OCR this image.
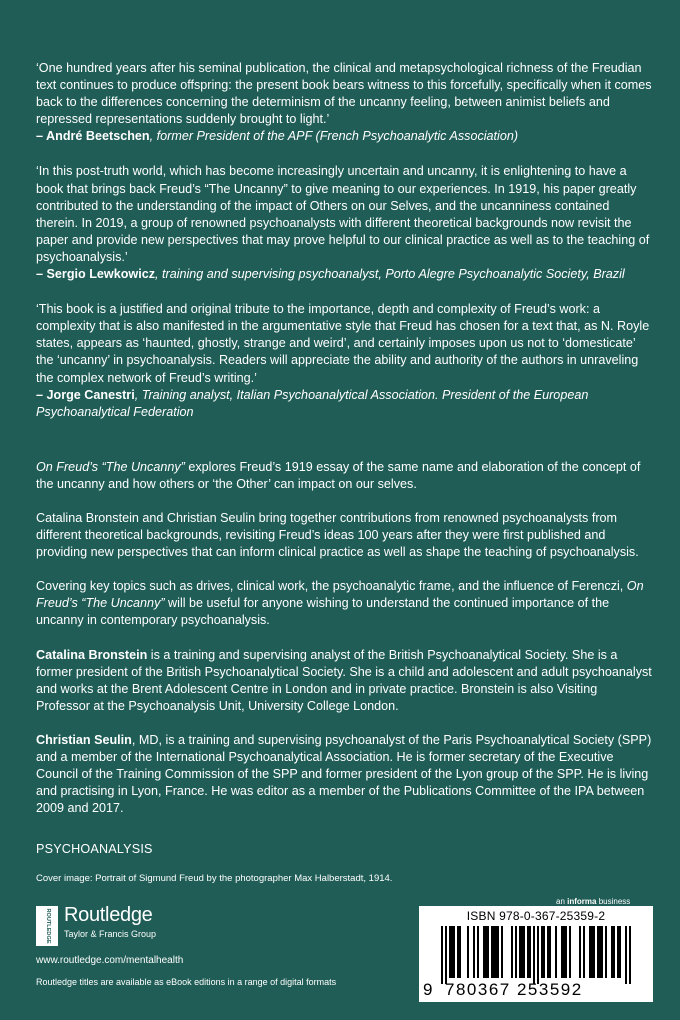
‘One hundred years after his seminal publication, the clinical and metapsychological richness of the Freudian text continues to produce offspring: the present book bears witness to this forcefully, specifically when it comes back to the differences concerning the determinism of the uncanny feeling, between animist beliefs and repressed representations suddenly brought to light.’
– André Beetschen, former President of the APF (French Psychoanalytic Association)
‘In this post-truth world, which has become increasingly uncertain and uncanny, it is enlightening to have a book that brings back Freud’s “The Uncanny” to give meaning to our experiences. In 1919, his paper greatly contributed to the understanding of the impact of Others on our Selves, and the uncanniness contained therein. In 2019, a group of renowned psychoanalysts with different theoretical backgrounds now revisit the paper and provide new perspectives that may prove helpful to our clinical practice as well as to the teaching of psychoanalysis.’
– Sergio Lewkowicz, training and supervising psychoanalyst, Porto Alegre Psychoanalytic Society, Brazil
‘This book is a justified and original tribute to the importance, depth and complexity of Freud’s work: a complexity that is also manifested in the argumentative style that Freud has chosen for a text that, as N. Royle states, appears as ‘haunted, ghostly, strange and weird’, and certainly imposes upon us not to ‘domesticate’ the ‘uncanny’ in psychoanalysis. Readers will appreciate the ability and authority of the authors in unraveling the complex network of Freud’s writing.’
– Jorge Canestri, Training analyst, Italian Psychoanalytical Association. President of the European Psychoanalytical Federation

On Freud’s “The Uncanny” explores Freud’s 1919 essay of the same name and elaboration of the concept of the uncanny and how others or ‘the Other’ can impact on our selves.

Catalina Bronstein and Christian Seulin bring together contributions from renowned psychoanalysts from different theoretical backgrounds, revisiting Freud’s ideas 100 years after they were first published and providing new perspectives that can inform clinical practice as well as shape the teaching of psychoanalysis.

Covering key topics such as drives, clinical work, the psychoanalytic frame, and the influence of Ferenczi, On Freud’s “The Uncanny” will be useful for anyone wishing to understand the continued importance of the uncanny in contemporary psychoanalysis.

Catalina Bronstein is a training and supervising analyst of the British Psychoanalytical Society. She is a former president of the British Psychoanalytical Society. She is a child and adolescent and adult psychoanalyst and works at the Brent Adolescent Centre in London and in private practice. Bronstein is also Visiting Professor at the Psychoanalysis Unit, University College London.

Christian Seulin, MD, is a training and supervising psychoanalyst of the Paris Psychoanalytical Society (SPP) and a member of the International Psychoanalytical Association. He is former secretary of the Executive Council of the Training Commission of the SPP and former president of the Lyon group of the SPP. He is living and practising in Lyon, France. He was editor as a member of the Publications Committee of the IPA between 2009 and 2017.

PSYCHOANALYSIS
Cover image: Portrait of Sigmund Freud by the photographer Max Halberstadt, 1914.
ROUTLEDGE Routledge
Taylor & Francis Group
www.routledge.com/mentalhealth
Routledge titles are available as eBook editions in a range of digital formats
an informa business
ISBN 978-0-367-25359-2
9 780367 253592
